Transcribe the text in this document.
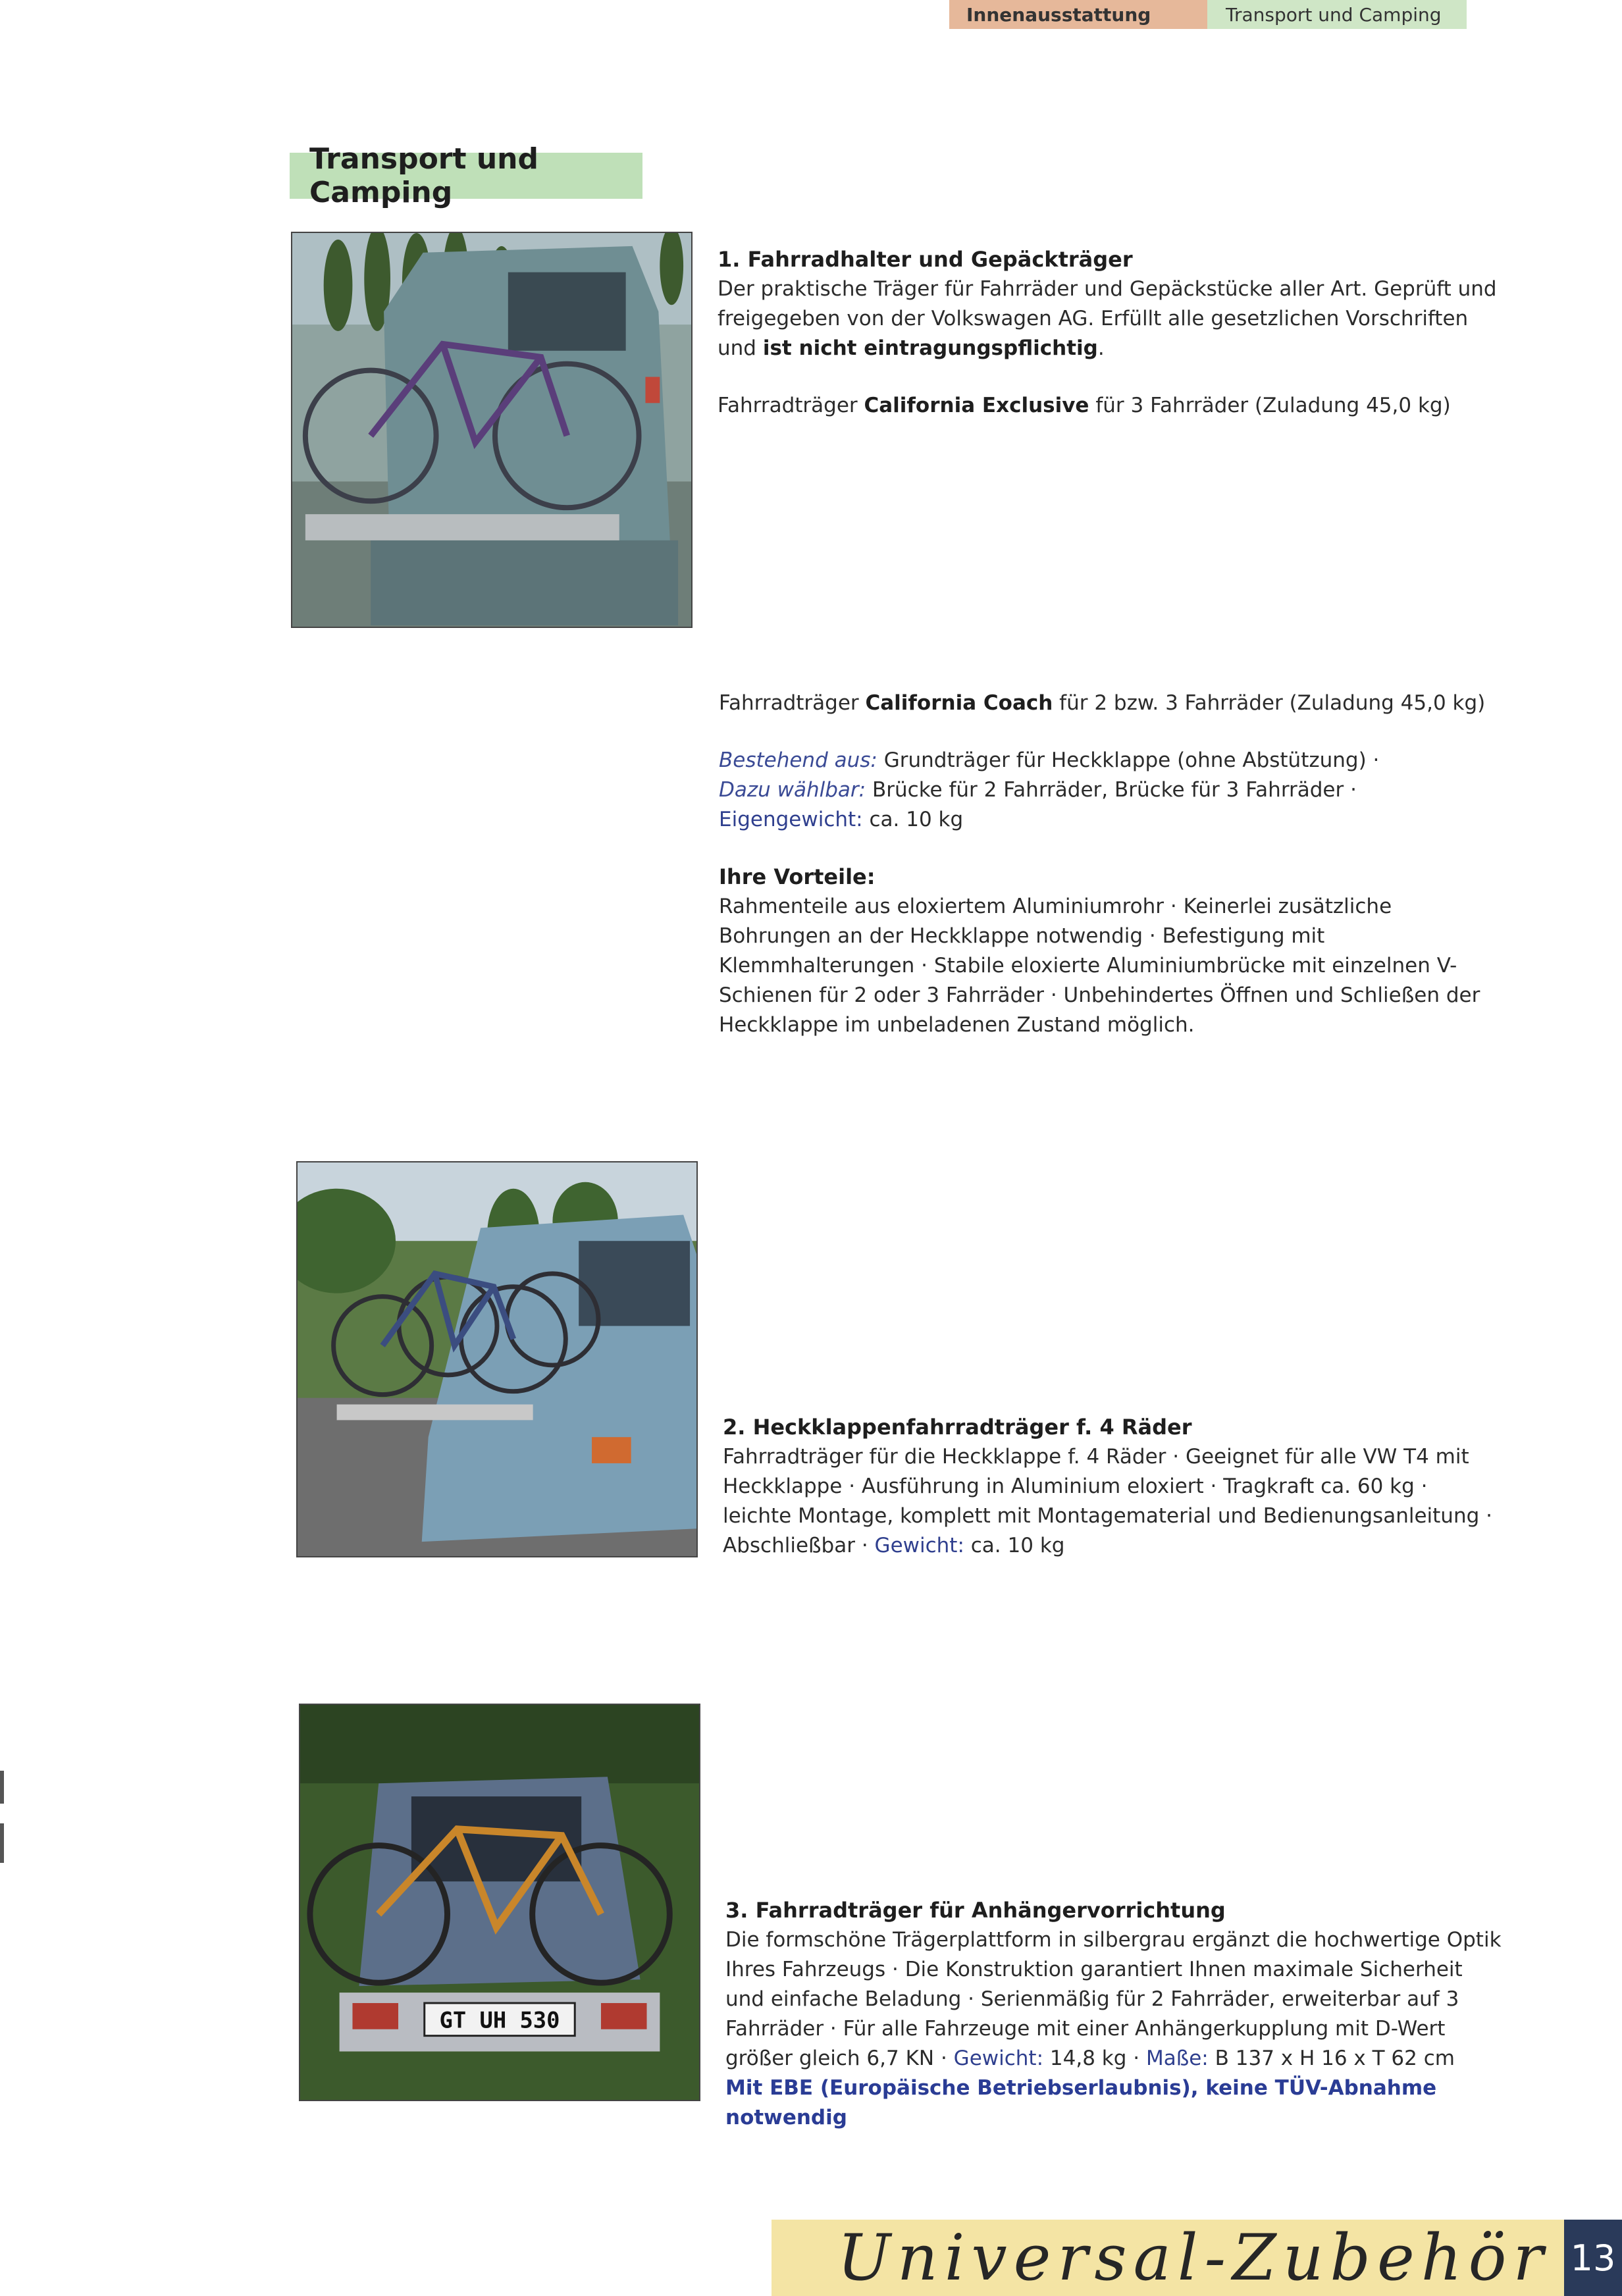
Innenausstattung	Transport und Camping
Transport und Camping
1. Fahrradhalter und Gepäckträger
Der praktische Träger für Fahrräder und Gepäckstücke aller Art. Geprüft und freigegeben von der Volkswagen AG. Erfüllt alle gesetzlichen Vorschriften und ist nicht eintragungspflichtig.
Fahrradträger California Exclusive für 3 Fahrräder (Zuladung 45,0 kg)
Fahrradträger California Coach für 2 bzw. 3 Fahrräder (Zuladung 45,0 kg)
Bestehend aus: Grundträger für Heckklappe (ohne Abstützung) ·
Dazu wählbar: Brücke für 2 Fahrräder, Brücke für 3 Fahrräder ·
Eigengewicht: ca. 10 kg
Ihre Vorteile:
Rahmenteile aus eloxiertem Aluminiumrohr · Keinerlei zusätzliche Bohrungen an der Heckklappe notwendig · Befestigung mit Klemmhalterungen · Stabile eloxierte Aluminiumbrücke mit einzelnen V-Schienen für 2 oder 3 Fahrräder · Unbehindertes Öffnen und Schließen der Heckklappe im unbeladenen Zustand möglich.
2. Heckklappenfahrradträger f. 4 Räder
Fahrradträger für die Heckklappe f. 4 Räder · Geeignet für alle VW T4 mit Heckklappe · Ausführung in Aluminium eloxiert · Tragkraft ca. 60 kg · leichte Montage, komplett mit Montagematerial und Bedienungsanleitung · Abschließbar · Gewicht: ca. 10 kg
GT UH 530
3. Fahrradträger für Anhängervorrichtung
Die formschöne Trägerplattform in silbergrau ergänzt die hochwertige Optik Ihres Fahrzeugs · Die Konstruktion garantiert Ihnen maximale Sicherheit und einfache Beladung · Serienmäßig für 2 Fahrräder, erweiterbar auf 3 Fahrräder · Für alle Fahrzeuge mit einer Anhängerkupplung mit D-Wert größer gleich 6,7 KN · Gewicht: 14,8 kg · Maße: B 137 x H 16 x T 62 cm
Mit EBE (Europäische Betriebserlaubnis), keine TÜV-Abnahme notwendig
Universal-Zubehör 13
